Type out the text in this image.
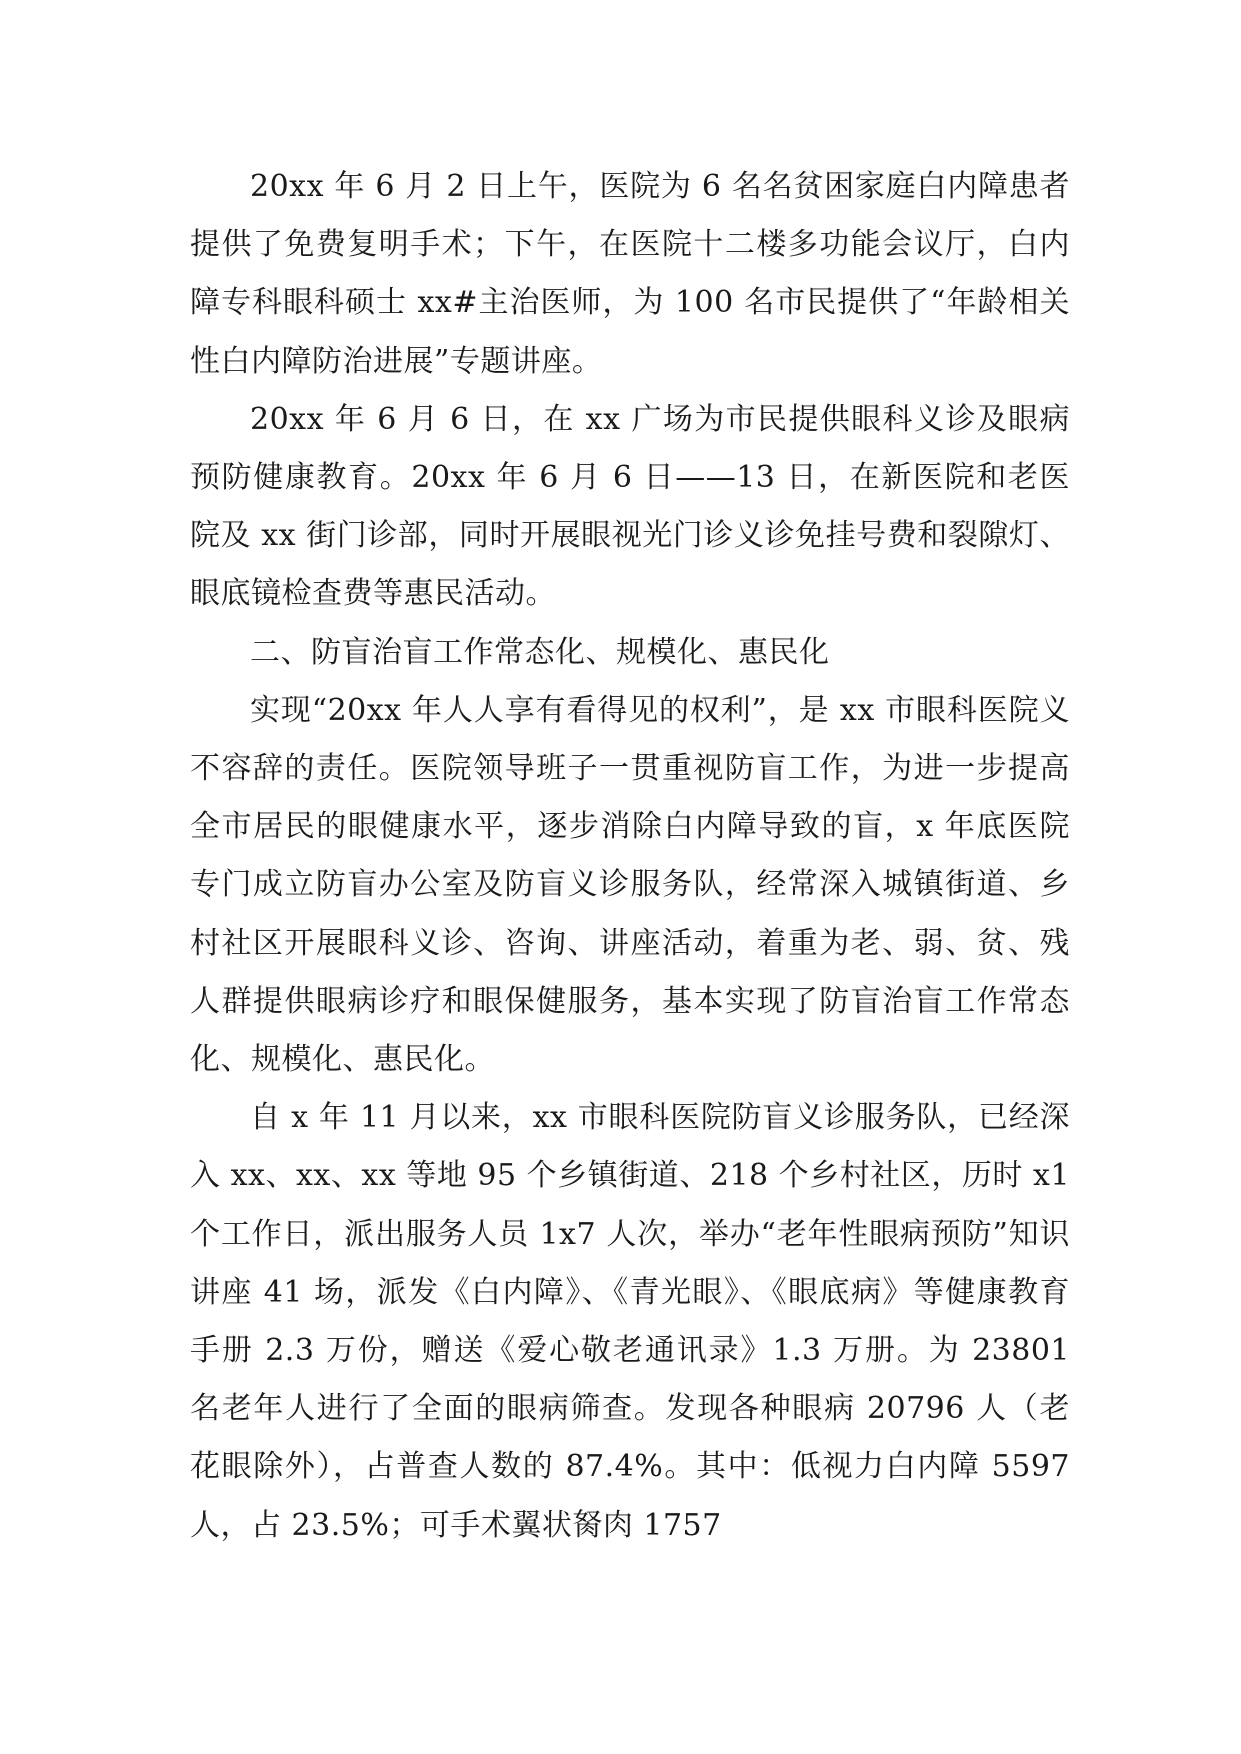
20xx 年 6 月 2 日上午，医院为 6 名名贫困家庭白内障患者提供了免费复明手术；下午，在医院十二楼多功能会议厅，白内障专科眼科硕士 xx#主治医师，为 100 名市民提供了“年龄相关性白内障防治进展”专题讲座。

20xx 年 6 月 6 日，在 xx 广场为市民提供眼科义诊及眼病预防健康教育。20xx 年 6 月 6 日——13 日，在新医院和老医院及 xx 街门诊部，同时开展眼视光门诊义诊免挂号费和裂隙灯、眼底镜检查费等惠民活动。

二、防盲治盲工作常态化、规模化、惠民化

实现“20xx 年人人享有看得见的权利”，是 xx 市眼科医院义不容辞的责任。医院领导班子一贯重视防盲工作，为进一步提高全市居民的眼健康水平，逐步消除白内障导致的盲，x 年底医院专门成立防盲办公室及防盲义诊服务队，经常深入城镇街道、乡村社区开展眼科义诊、咨询、讲座活动，着重为老、弱、贫、残人群提供眼病诊疗和眼保健服务，基本实现了防盲治盲工作常态化、规模化、惠民化。

自 x 年 11 月以来，xx 市眼科医院防盲义诊服务队，已经深入 xx、xx、xx 等地 95 个乡镇街道、218 个乡村社区，历时 x1 个工作日，派出服务人员 1x7 人次，举办“老年性眼病预防”知识讲座 41 场，派发《白内障》、《青光眼》、《眼底病》等健康教育手册 2.3 万份，赠送《爱心敬老通讯录》1.3 万册。为 23801 名老年人进行了全面的眼病筛查。发现各种眼病 20796 人（老花眼除外），占普查人数的 87.4%。其中：低视力白内障 5597 人，占 23.5%；可手术翼状胬肉 1757
